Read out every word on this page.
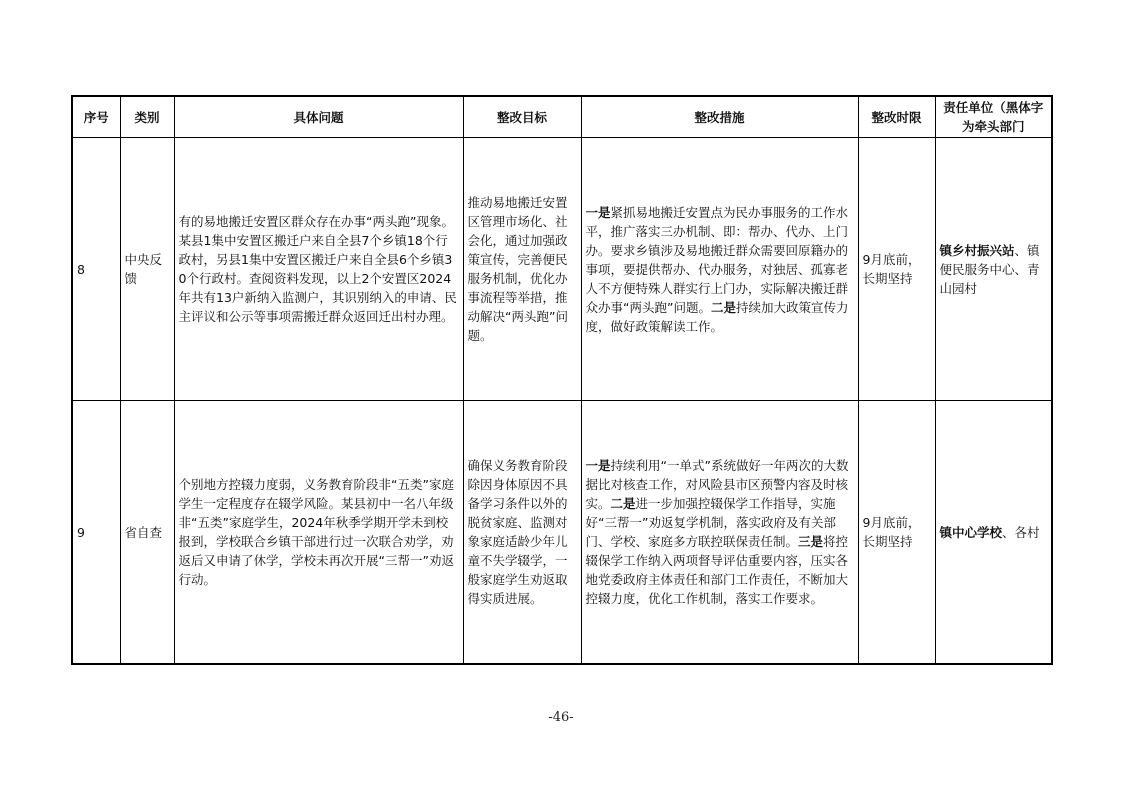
序号	类别	具体问题	整改目标	整改措施	整改时限	责任单位（黑体字为牵头部门
8	中央反馈	有的易地搬迁安置区群众存在办事“两头跑”现象。某县1集中安置区搬迁户来自全县7个乡镇18个行政村，另县1集中安置区搬迁户来自全县6个乡镇30个行政村。查阅资料发现，以上2个安置区2024年共有13户新纳入监测户，其识别纳入的申请、民主评议和公示等事项需搬迁群众返回迁出村办理。	推动易地搬迁安置区管理市场化、社会化，通过加强政策宣传，完善便民服务机制，优化办事流程等举措，推动解决“两头跑”问题。	一是紧抓易地搬迁安置点为民办事服务的工作水平，推广落实三办机制、即：帮办、代办、上门办。要求乡镇涉及易地搬迁群众需要回原籍办的事项，要提供帮办、代办服务，对独居、孤寡老人不方便特殊人群实行上门办，实际解决搬迁群众办事“两头跑”问题。二是持续加大政策宣传力度，做好政策解读工作。	9月底前，长期坚持	镇乡村振兴站、镇便民服务中心、青山园村
9	省自查	个别地方控辍力度弱，义务教育阶段非“五类”家庭学生一定程度存在辍学风险。某县初中一名八年级非“五类”家庭学生，2024年秋季学期开学未到校报到，学校联合乡镇干部进行过一次联合劝学，劝返后又申请了休学，学校未再次开展“三帮一”劝返行动。	确保义务教育阶段除因身体原因不具备学习条件以外的脱贫家庭、监测对象家庭适龄少年儿童不失学辍学，一般家庭学生劝返取得实质进展。	一是持续利用“一单式”系统做好一年两次的大数据比对核查工作，对风险县市区预警内容及时核实。二是进一步加强控辍保学工作指导，实施好“三帮一”劝返复学机制，落实政府及有关部门、学校、家庭多方联控联保责任制。三是将控辍保学工作纳入两项督导评估重要内容，压实各地党委政府主体责任和部门工作责任，不断加大控辍力度，优化工作机制，落实工作要求。	9月底前，长期坚持	镇中心学校、各村
-46-
